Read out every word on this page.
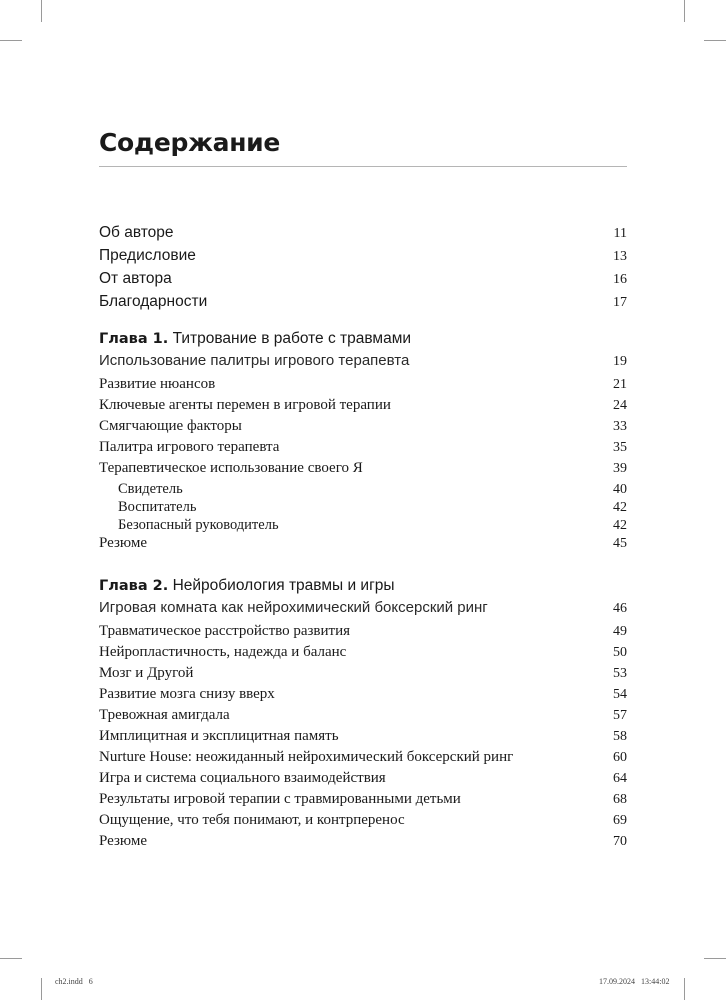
Содержание
Об авторе	11
Предисловие	13
От автора	16
Благодарности	17
Глава 1. Титрование в работе с травмами
Использование палитры игрового терапевта	19
Развитие нюансов	21
Ключевые агенты перемен в игровой терапии	24
Смягчающие факторы	33
Палитра игрового терапевта	35
Терапевтическое использование своего Я	39
Свидетель	40
Воспитатель	42
Безопасный руководитель	42
Резюме	45
Глава 2. Нейробиология травмы и игры
Игровая комната как нейрохимический боксерский ринг	46
Травматическое расстройство развития	49
Нейропластичность, надежда и баланс	50
Мозг и Другой	53
Развитие мозга снизу вверх	54
Тревожная амигдала	57
Имплицитная и эксплицитная память	58
Nurture House: неожиданный нейрохимический боксерский ринг	60
Игра и система социального взаимодействия	64
Результаты игровой терапии с травмированными детьми	68
Ощущение, что тебя понимают, и контрперенос	69
Резюме	70
ch2.indd   6	17.09.2024   13:44:02
